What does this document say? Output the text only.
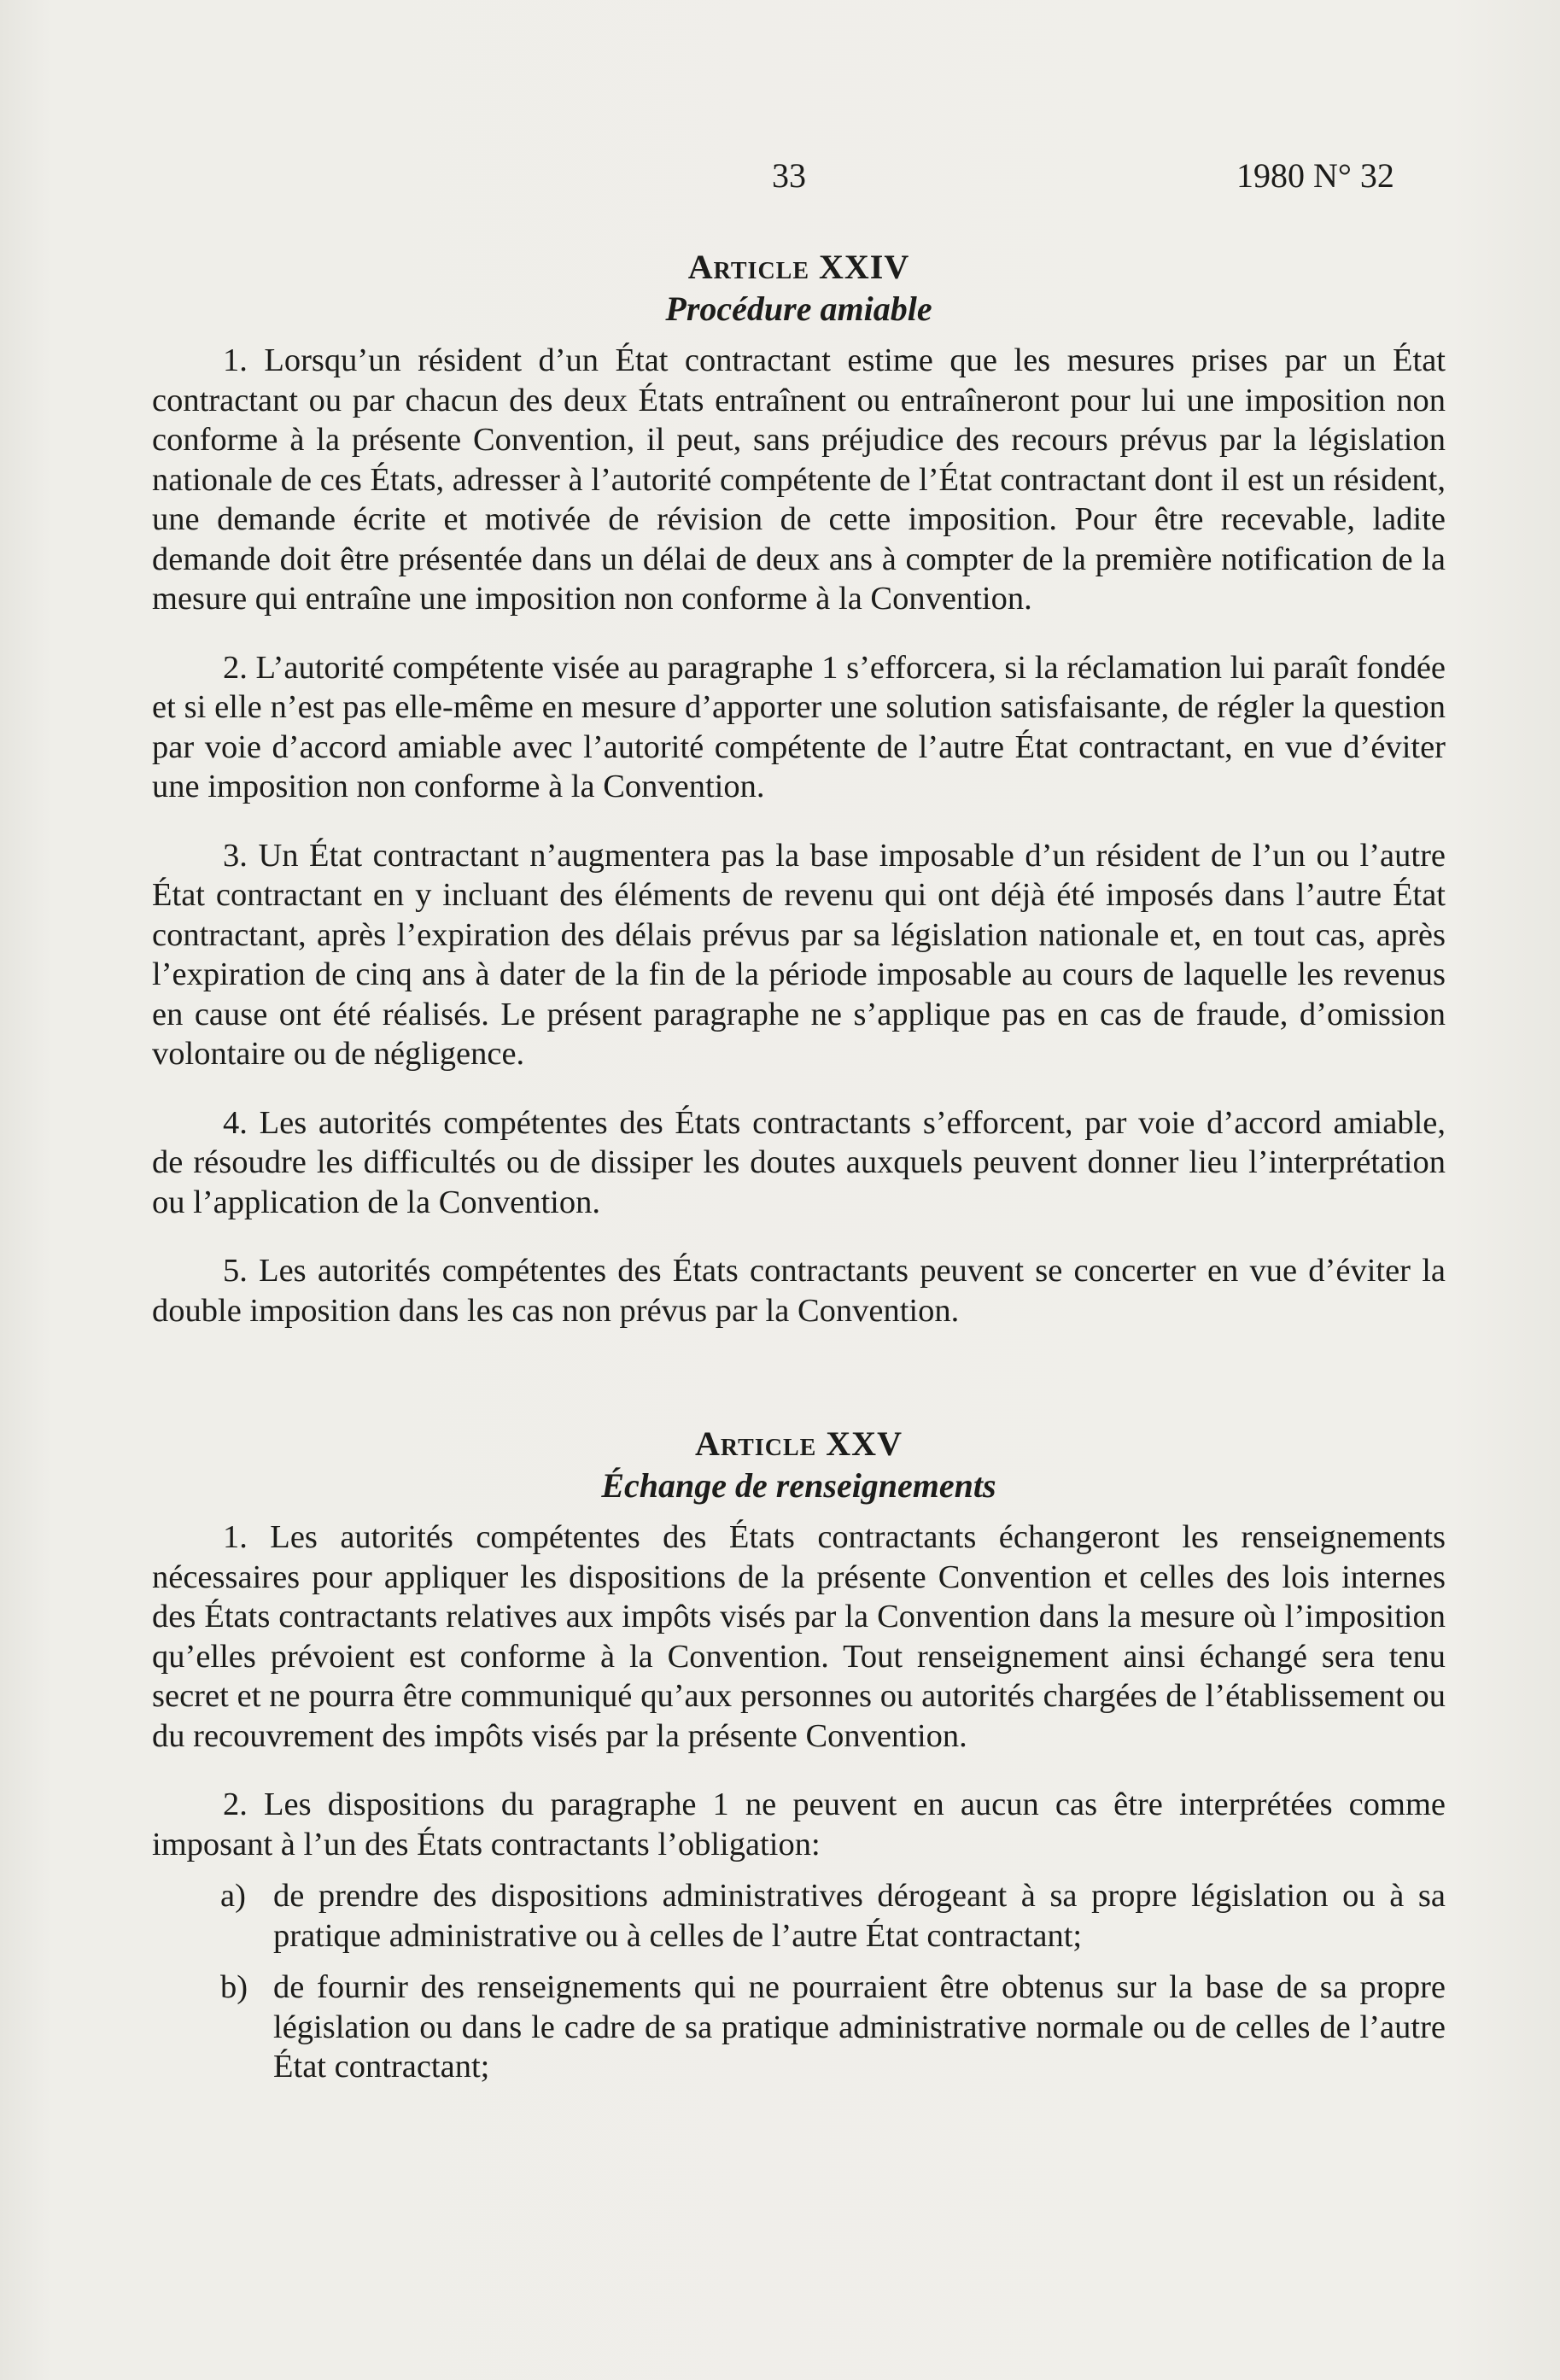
33	1980 N° 32
Article XXIV
Procédure amiable

1. Lorsqu’un résident d’un État contractant estime que les mesures prises par un État contractant ou par chacun des deux États entraînent ou entraîneront pour lui une imposition non conforme à la présente Convention, il peut, sans préjudice des recours prévus par la législation nationale de ces États, adresser à l’autorité compétente de l’État contractant dont il est un résident, une demande écrite et motivée de révision de cette imposition. Pour être recevable, ladite demande doit être présentée dans un délai de deux ans à compter de la première notification de la mesure qui entraîne une imposition non conforme à la Convention.

2. L’autorité compétente visée au paragraphe 1 s’efforcera, si la réclamation lui paraît fondée et si elle n’est pas elle-même en mesure d’apporter une solution satisfaisante, de régler la question par voie d’accord amiable avec l’autorité compétente de l’autre État contractant, en vue d’éviter une imposition non conforme à la Convention.

3. Un État contractant n’augmentera pas la base imposable d’un résident de l’un ou l’autre État contractant en y incluant des éléments de revenu qui ont déjà été imposés dans l’autre État contractant, après l’expiration des délais prévus par sa législation nationale et, en tout cas, après l’expiration de cinq ans à dater de la fin de la période imposable au cours de laquelle les revenus en cause ont été réalisés. Le présent paragraphe ne s’applique pas en cas de fraude, d’omission volontaire ou de négligence.

4. Les autorités compétentes des États contractants s’efforcent, par voie d’accord amiable, de résoudre les difficultés ou de dissiper les doutes auxquels peuvent donner lieu l’interprétation ou l’application de la Convention.

5. Les autorités compétentes des États contractants peuvent se concerter en vue d’éviter la double imposition dans les cas non prévus par la Convention.

Article XXV
Échange de renseignements

1. Les autorités compétentes des États contractants échangeront les renseignements nécessaires pour appliquer les dispositions de la présente Convention et celles des lois internes des États contractants relatives aux impôts visés par la Convention dans la mesure où l’imposition qu’elles prévoient est conforme à la Convention. Tout renseignement ainsi échangé sera tenu secret et ne pourra être communiqué qu’aux personnes ou autorités chargées de l’établissement ou du recouvrement des impôts visés par la présente Convention.

2. Les dispositions du paragraphe 1 ne peuvent en aucun cas être interprétées comme imposant à l’un des États contractants l’obligation:

a) de prendre des dispositions administratives dérogeant à sa propre législation ou à sa pratique administrative ou à celles de l’autre État contractant;
b) de fournir des renseignements qui ne pourraient être obtenus sur la base de sa propre législation ou dans le cadre de sa pratique administrative normale ou de celles de l’autre État contractant;
